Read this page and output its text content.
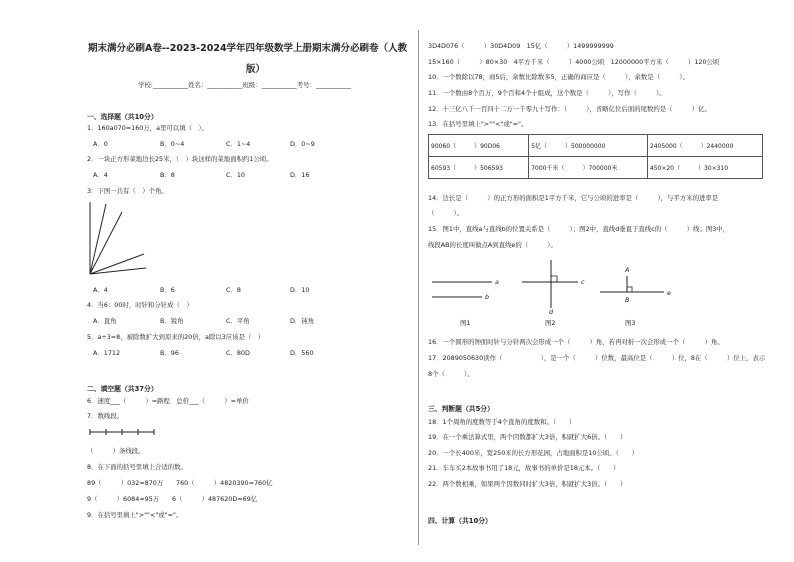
期末满分必刷A卷--2023-2024学年四年级数学上册期末满分必刷卷（人教
版）
学校:___________姓名：___________班级：___________考号：___________
一、选择题（共10分）
1．160a070≈160万，a里可以填（　）。
A．0	B．0~4	C．1~4	D．0~9
2．一块正方形菜地边长25米，（　）块这样的菜地面积约1公顷。
A．4	B．8	C．10	D．16
3．下图一共有（　）个角。
A．4	B．6	C．8	D．10
4．当6：00时，时针和分针成（　）
A．直角	B．锐角	C．平角	D．钝角
5．a÷3=8，被除数扩大到原来的20倍，a除以3应该是（　）
A．1712	B．96	C．80D	D．560
二、填空题（共37分）
6．速度___（　　　）=路程　总价___（　　　）=单价
7．数线段。
（　　　）条线段。
8．在下面的括号里填上合适的数。
89（　　　）032≈870万　　760（　　　）4820390≈760亿
9（　　　）6084≈95万　　6（　　　）487620D≈69亿
9．在括号里填上">""<"或"="。
3D4D076（　　　）30D4D09　15亿（　　　）1499999999
15×160（　　　）80×30　4平方千米（　　　）4000公顷　12000000平方米（　　　）120公顷
10．一个数除以78，商5后，余数比除数多5，正确的商应是（　　　），余数是（　　　）。
11．一个数由8个百万，9个百和4个十组成，这个数是（　　　），写作（　　　）。
12．十三亿八千一百四十二万一千零九十写作：（　　　），省略亿位后面的尾数约是（　　　）亿。
13．在括号里填上">""<"或"="。
90060（　　　）90D06	5亿（　　　）500000000	2405000（　　　）2440000
60593（　　　）506593	7000千米（　　　）700000米	450×20（　　　）30×310
14．边长是（　　　）的正方形的面积是1平方千米，它与公顷的进率是（　　　），与平方米的进率是
（　　　）。
15．图1中，直线a与直线b的位置关系是（　　　）；图2中，直线d垂直于直线c的（　　　）线；图3中，
线段AB的长度叫做点A到直线e的（　　　）。
a
b
图1
c
d
图2
A
B
e
图3
16．一个圆形的钟面时针与分针两次会形成一个（　　　）角，若再对折一次会形成一个（　　　）角。
17．2089050630读作（　　　　　　），是一个（　　　）位数，最高位是（　　　）位，8在（　　　）位上，表示
8个（　　　）。
三、判断题（共5分）
18．1个周角的度数等于4个直角的度数和。（　　）
19．在一个乘法算式里，两个因数都扩大3倍，积就扩大6倍。（　　）
20．一个长400米，宽250米的长方形花园，占地面积是10公顷。（　　）
21．车车买2本故事书用了18元，故事书的单价是18元本。（　　）
22．两个数相乘，如果两个因数同时扩大3倍，积就扩大3倍。（　　）
四、计算（共10分）
